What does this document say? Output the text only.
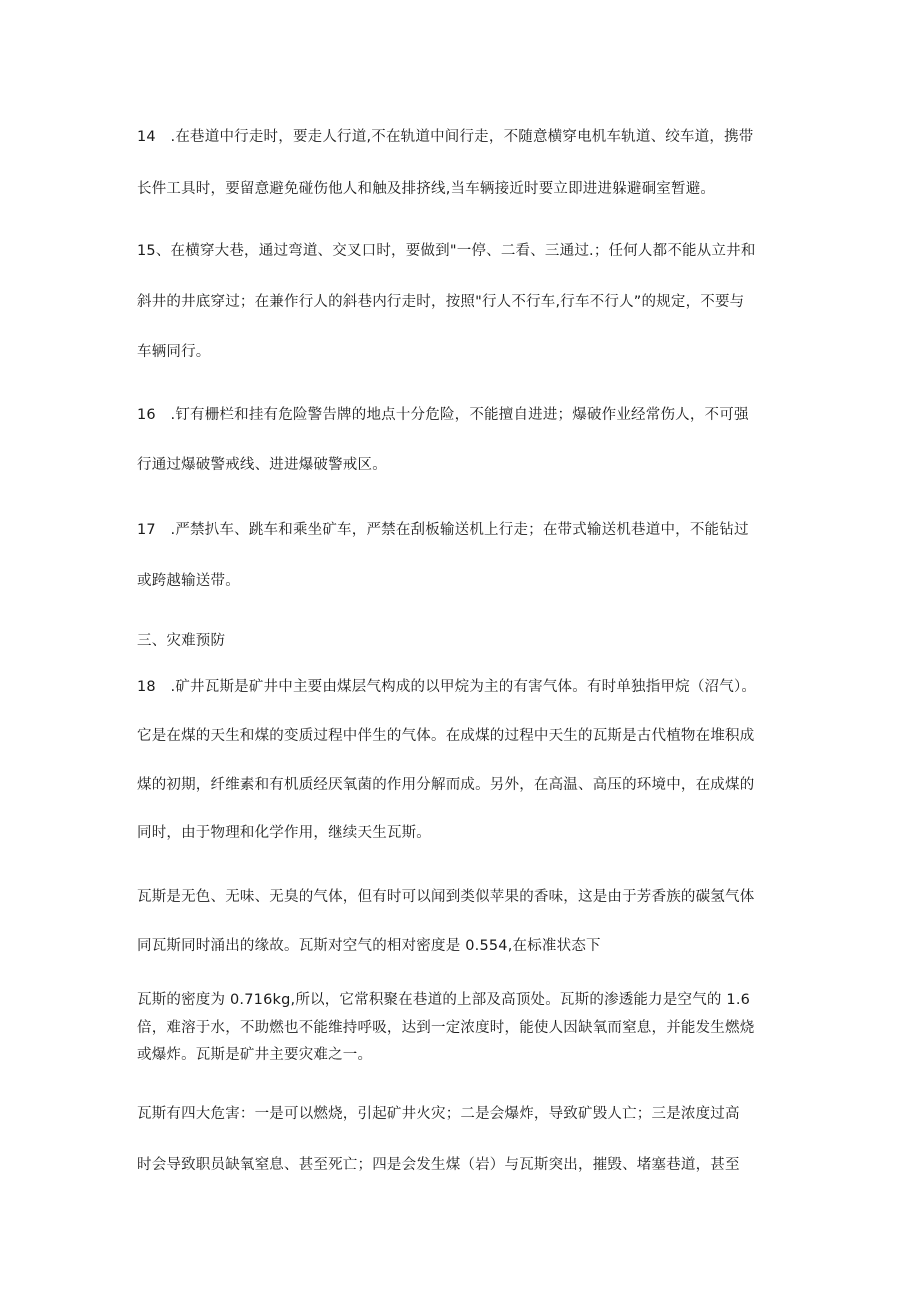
14　.在巷道中行走时，要走人行道,不在轨道中间行走，不随意横穿电机车轨道、绞车道，携带
长件工具时，要留意避免碰伤他人和触及排挤线,当车辆接近时要立即进进躲避硐室暂避。
15、在横穿大巷，通过弯道、交叉口时，要做到"一停、二看、三通过.；任何人都不能从立井和
斜井的井底穿过；在兼作行人的斜巷内行走时，按照"行人不行车,行车不行人”的规定，不要与
车辆同行。
16　.钉有栅栏和挂有危险警告牌的地点十分危险，不能擅自进进；爆破作业经常伤人，不可强
行通过爆破警戒线、进进爆破警戒区。
17　.严禁扒车、跳车和乘坐矿车，严禁在刮板输送机上行走；在带式输送机巷道中，不能钻过
或跨越输送带。
三、灾难预防
18　.矿井瓦斯是矿井中主要由煤层气构成的以甲烷为主的有害气体。有时单独指甲烷（沼气）。
它是在煤的天生和煤的变质过程中伴生的气体。在成煤的过程中天生的瓦斯是古代植物在堆积成
煤的初期，纤维素和有机质经厌氧菌的作用分解而成。另外，在高温、高压的环境中，在成煤的
同时，由于物理和化学作用，继续天生瓦斯。
瓦斯是无色、无味、无臭的气体，但有时可以闻到类似苹果的香味，这是由于芳香族的碳氢气体
同瓦斯同时涌出的缘故。瓦斯对空气的相对密度是 0.554,在标准状态下
瓦斯的密度为 0.716kg,所以，它常积聚在巷道的上部及高顶处。瓦斯的渗透能力是空气的 1.6
倍，难溶于水，不助燃也不能维持呼吸，达到一定浓度时，能使人因缺氧而窒息，并能发生燃烧
或爆炸。瓦斯是矿井主要灾难之一。
瓦斯有四大危害：一是可以燃烧，引起矿井火灾；二是会爆炸，导致矿毁人亡；三是浓度过高
时会导致职员缺氧窒息、甚至死亡；四是会发生煤（岩）与瓦斯突出，摧毁、堵塞巷道，甚至
